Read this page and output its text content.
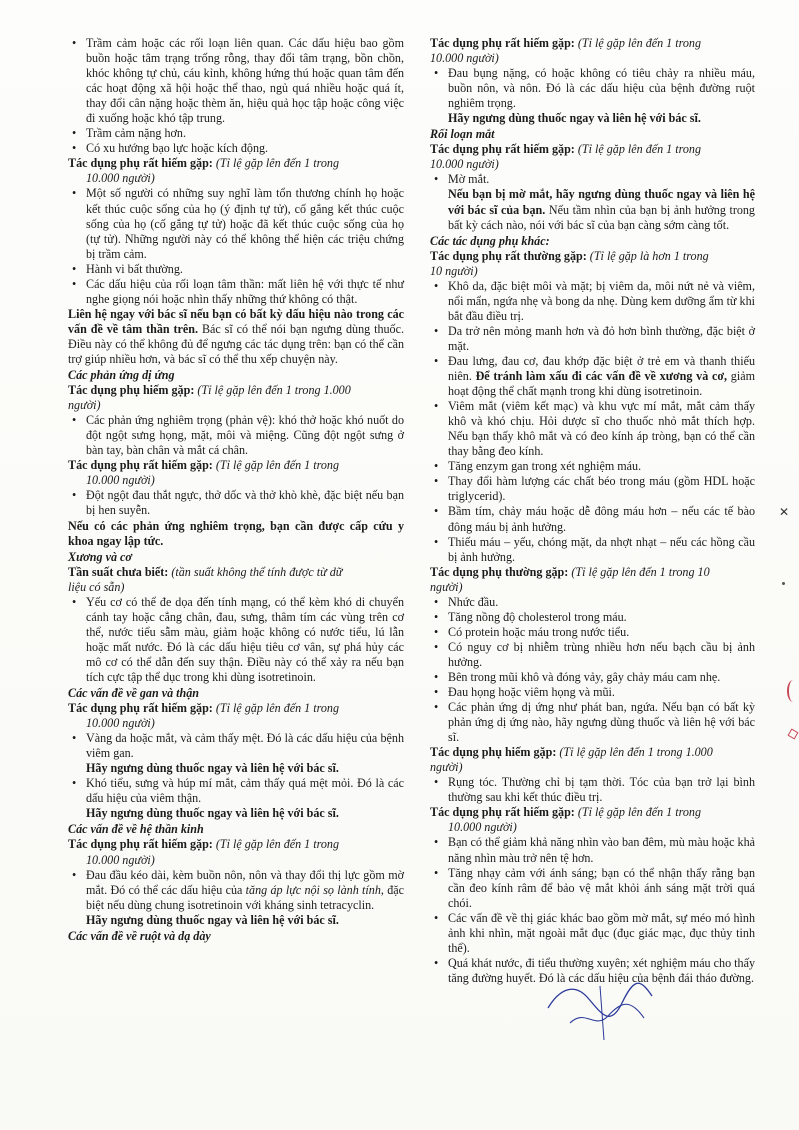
• Trầm cảm hoặc các rối loạn liên quan. Các dấu hiệu bao gồm buồn hoặc tâm trạng trống rỗng, thay đổi tâm trạng, bồn chồn, khóc không tự chủ, cáu kỉnh, không hứng thú hoặc quan tâm đến các hoạt động xã hội hoặc thể thao, ngủ quá nhiều hoặc quá ít, thay đổi cân nặng hoặc thèm ăn, hiệu quả học tập hoặc công việc đi xuống hoặc khó tập trung.
• Trầm cảm nặng hơn.
• Có xu hướng bạo lực hoặc kích động.
Tác dụng phụ rất hiếm gặp: (Tỉ lệ gặp lên đến 1 trong
10.000 người)
• Một số người có những suy nghĩ làm tổn thương chính họ hoặc kết thúc cuộc sống của họ (ý định tự tử), cố gắng kết thúc cuộc sống của họ (cố gắng tự tử) hoặc đã kết thúc cuộc sống của họ (tự tử). Những người này có thể không thể hiện các triệu chứng bị trầm cảm.
• Hành vi bất thường.
• Các dấu hiệu của rối loạn tâm thần: mất liên hệ với thực tế như nghe giọng nói hoặc nhìn thấy những thứ không có thật.

Liên hệ ngay với bác sĩ nếu bạn có bất kỳ dấu hiệu nào trong các vấn đề về tâm thần trên. Bác sĩ có thể nói bạn ngưng dùng thuốc. Điều này có thể không đủ để ngưng các tác dụng trên: bạn có thể cần trợ giúp nhiều hơn, và bác sĩ có thể thu xếp chuyện này.

Các phản ứng dị ứng
Tác dụng phụ hiếm gặp: (Tỉ lệ gặp lên đến 1 trong 1.000
người)
• Các phản ứng nghiêm trọng (phản vệ): khó thở hoặc khó nuốt do đột ngột sưng họng, mặt, môi và miệng. Cũng đột ngột sưng ở bàn tay, bàn chân và mắt cá chân.
Tác dụng phụ rất hiếm gặp: (Tỉ lệ gặp lên đến 1 trong
10.000 người)
• Đột ngột đau thắt ngực, thở dốc và thở khò khè, đặc biệt nếu bạn bị hen suyễn.

Nếu có các phản ứng nghiêm trọng, bạn cần được cấp cứu y khoa ngay lập tức.

Xương và cơ
Tần suất chưa biết: (tần suất không thể tính được từ dữ
liệu có sẵn)
• Yếu cơ có thể đe dọa đến tính mạng, có thể kèm khó di chuyển cánh tay hoặc cẳng chân, đau, sưng, thâm tím các vùng trên cơ thể, nước tiểu sẫm màu, giảm hoặc không có nước tiểu, lú lẫn hoặc mất nước. Đó là các dấu hiệu tiêu cơ vân, sự phá hủy các mô cơ có thể dẫn đến suy thận. Điều này có thể xảy ra nếu bạn tích cực tập thể dục trong khi dùng isotretinoin.
Các vấn đề về gan và thận
Tác dụng phụ rất hiếm gặp: (Tỉ lệ gặp lên đến 1 trong
10.000 người)
• Vàng da hoặc mắt, và cảm thấy mệt. Đó là các dấu hiệu của bệnh viêm gan.
Hãy ngưng dùng thuốc ngay và liên hệ với bác sĩ.
• Khó tiểu, sưng và húp mí mắt, cảm thấy quá mệt mỏi. Đó là các dấu hiệu của viêm thận.
Hãy ngưng dùng thuốc ngay và liên hệ với bác sĩ.
Các vấn đề về hệ thần kinh
Tác dụng phụ rất hiếm gặp: (Tỉ lệ gặp lên đến 1 trong
10.000 người)
• Đau đầu kéo dài, kèm buồn nôn, nôn và thay đổi thị lực gồm mờ mắt. Đó có thể các dấu hiệu của tăng áp lực nội sọ lành tính, đặc biệt nếu dùng chung isotretinoin với kháng sinh tetracyclin.
Hãy ngưng dùng thuốc ngay và liên hệ với bác sĩ.
Các vấn đề về ruột và dạ dày
Tác dụng phụ rất hiếm gặp: (Tỉ lệ gặp lên đến 1 trong
10.000 người)
• Đau bụng nặng, có hoặc không có tiêu chảy ra nhiều máu, buồn nôn, và nôn. Đó là các dấu hiệu của bệnh đường ruột nghiêm trọng.
Hãy ngưng dùng thuốc ngay và liên hệ với bác sĩ.
Rối loạn mắt
Tác dụng phụ rất hiếm gặp: (Tỉ lệ gặp lên đến 1 trong
10.000 người)
• Mờ mắt.

Nếu bạn bị mờ mắt, hãy ngưng dùng thuốc ngay và liên hệ với bác sĩ của bạn. Nếu tầm nhìn của bạn bị ảnh hưởng trong bất kỳ cách nào, nói với bác sĩ của bạn càng sớm càng tốt.

Các tác dụng phụ khác:
Tác dụng phụ rất thường gặp: (Tỉ lệ gặp là hơn 1 trong
10 người)
• Khô da, đặc biệt môi và mặt; bị viêm da, môi nứt nẻ và viêm, nổi mẩn, ngứa nhẹ và bong da nhẹ. Dùng kem dưỡng ẩm từ khi bắt đầu điều trị.
• Da trở nên mỏng manh hơn và đỏ hơn bình thường, đặc biệt ở mặt.
• Đau lưng, đau cơ, đau khớp đặc biệt ở trẻ em và thanh thiếu niên. Để tránh làm xấu đi các vấn đề về xương và cơ, giảm hoạt động thể chất mạnh trong khi dùng isotretinoin.
• Viêm mắt (viêm kết mạc) và khu vực mí mắt, mắt cảm thấy khô và khó chịu. Hỏi dược sĩ cho thuốc nhỏ mắt thích hợp. Nếu bạn thấy khô mắt và có đeo kính áp tròng, bạn có thể cần thay bằng đeo kính.
• Tăng enzym gan trong xét nghiệm máu.
• Thay đổi hàm lượng các chất béo trong máu (gồm HDL hoặc triglycerid).
• Bầm tím, chảy máu hoặc dễ đông máu hơn – nếu các tế bào đông máu bị ảnh hưởng.
• Thiếu máu – yếu, chóng mặt, da nhợt nhạt – nếu các hồng cầu bị ảnh hưởng.
Tác dụng phụ thường gặp: (Tỉ lệ gặp lên đến 1 trong 10
người)
• Nhức đầu.
• Tăng nồng độ cholesterol trong máu.
• Có protein hoặc máu trong nước tiểu.
• Có nguy cơ bị nhiễm trùng nhiều hơn nếu bạch cầu bị ảnh hưởng.
• Bên trong mũi khô và đóng vảy, gây chảy máu cam nhẹ.
• Đau họng hoặc viêm họng và mũi.
• Các phản ứng dị ứng như phát ban, ngứa. Nếu bạn có bất kỳ phản ứng dị ứng nào, hãy ngưng dùng thuốc và liên hệ với bác sĩ.
Tác dụng phụ hiếm gặp: (Tỉ lệ gặp lên đến 1 trong 1.000
người)
• Rụng tóc. Thường chỉ bị tạm thời. Tóc của bạn trở lại bình thường sau khi kết thúc điều trị.
Tác dụng phụ rất hiếm gặp: (Tỉ lệ gặp lên đến 1 trong
10.000 người)
• Bạn có thể giảm khả năng nhìn vào ban đêm, mù màu hoặc khả năng nhìn màu trở nên tệ hơn.
• Tăng nhạy cảm với ánh sáng; bạn có thể nhận thấy rằng bạn cần đeo kính râm để bảo vệ mắt khỏi ánh sáng mặt trời quá chói.
• Các vấn đề về thị giác khác bao gồm mờ mắt, sự méo mó hình ảnh khi nhìn, mặt ngoài mắt đục (đục giác mạc, đục thủy tinh thể).
• Quá khát nước, đi tiểu thường xuyên; xét nghiệm máu cho thấy tăng đường huyết. Đó là các dấu hiệu của bệnh đái tháo đường.
✕
